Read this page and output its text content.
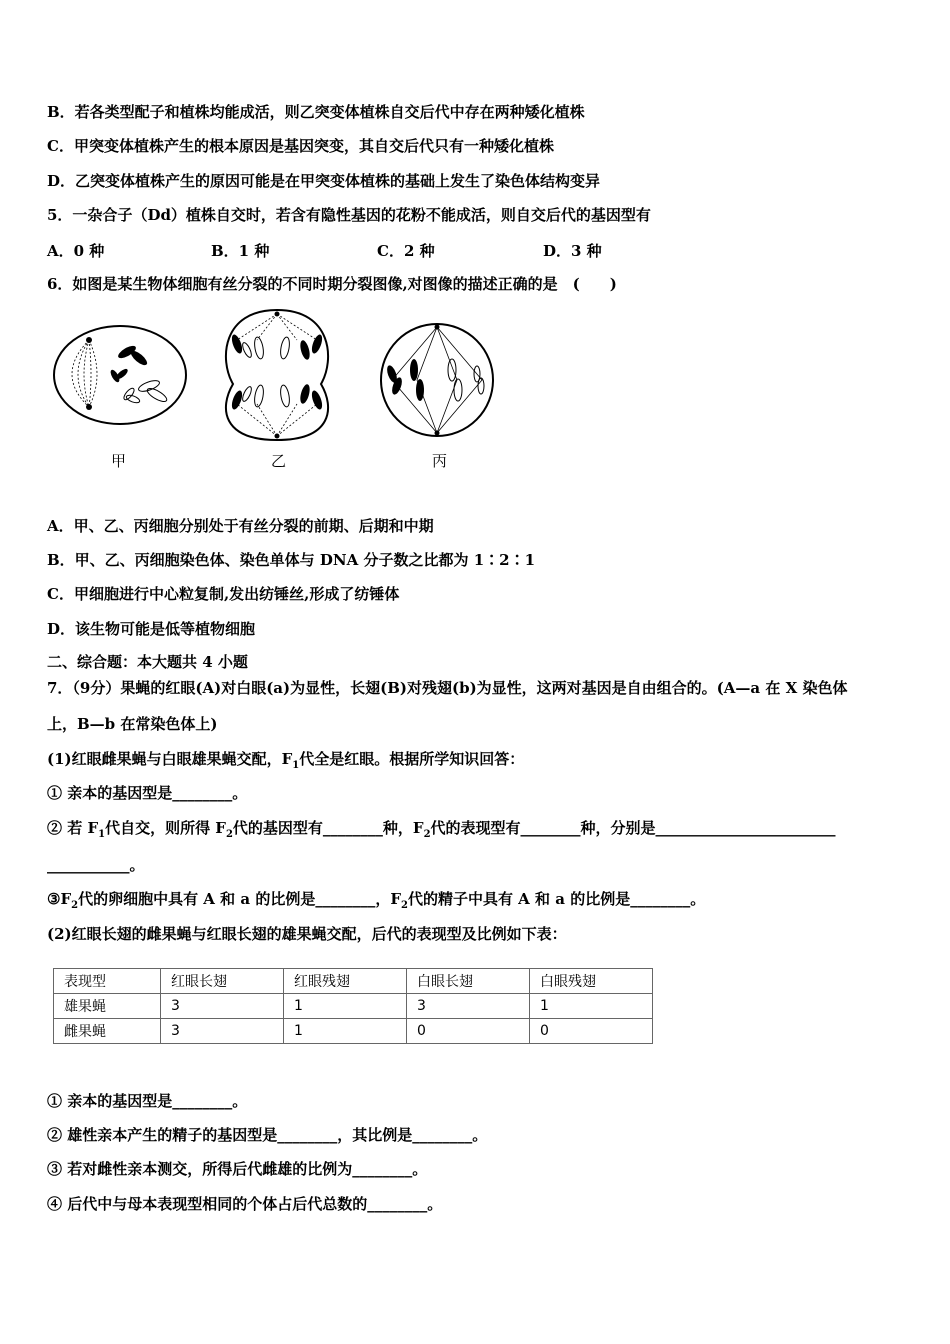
B．若各类型配子和植株均能成活，则乙突变体植株自交后代中存在两种矮化植株
C．甲突变体植株产生的根本原因是基因突变，其自交后代只有一种矮化植株
D．乙突变体植株产生的原因可能是在甲突变体植株的基础上发生了染色体结构变异
5．一杂合子（Dd）植株自交时，若含有隐性基因的花粉不能成活，则自交后代的基因型有
A．0 种	B．1 种	C．2 种	D．3 种
6．如图是某生物体细胞有丝分裂的不同时期分裂图像,对图像的描述正确的是　(　　)
甲	乙	丙
A．甲、乙、丙细胞分别处于有丝分裂的前期、后期和中期
B．甲、乙、丙细胞染色体、染色单体与 DNA 分子数之比都为 1∶2∶1
C．甲细胞进行中心粒复制,发出纺锤丝,形成了纺锤体
D．该生物可能是低等植物细胞
二、综合题：本大题共 4 小题
7．（9分）果蝇的红眼(A)对白眼(a)为显性，长翅(B)对残翅(b)为显性，这两对基因是自由组合的。(A—a 在 X 染色体
上，B—b 在常染色体上)
(1)红眼雌果蝇与白眼雄果蝇交配，$F_1$代全是红眼。根据所学知识回答：
① 亲本的基因型是________。
② 若 $F_1$代自交，则所得 $F_2$代的基因型有________种，$F_2$代的表现型有________种，分别是________________________
___________。
$③F_2$代的卵细胞中具有 A 和 a 的比例是________，$F_2$代的精子中具有 A 和 a 的比例是________。
(2)红眼长翅的雌果蝇与红眼长翅的雄果蝇交配，后代的表现型及比例如下表：
表现型	红眼长翅	红眼残翅	白眼长翅	白眼残翅
雄果蝇	3	1	3	1
雌果蝇	3	1	0	0
① 亲本的基因型是________。
② 雄性亲本产生的精子的基因型是________，其比例是________。
③ 若对雌性亲本测交，所得后代雌雄的比例为________。
④ 后代中与母本表现型相同的个体占后代总数的________。
